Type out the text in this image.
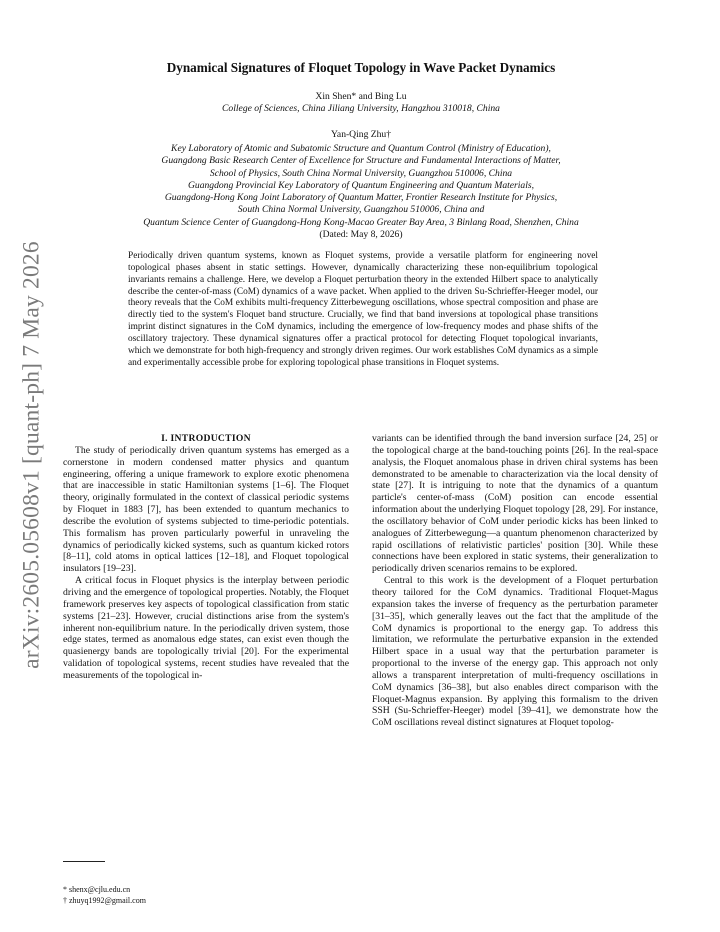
arXiv:2605.05608v1 [quant-ph] 7 May 2026
Dynamical Signatures of Floquet Topology in Wave Packet Dynamics
Xin Shen* and Bing Lu
College of Sciences, China Jiliang University, Hangzhou 310018, China
Yan-Qing Zhu†
Key Laboratory of Atomic and Subatomic Structure and Quantum Control (Ministry of Education),
Guangdong Basic Research Center of Excellence for Structure and Fundamental Interactions of Matter,
School of Physics, South China Normal University, Guangzhou 510006, China
Guangdong Provincial Key Laboratory of Quantum Engineering and Quantum Materials,
Guangdong-Hong Kong Joint Laboratory of Quantum Matter, Frontier Research Institute for Physics,
South China Normal University, Guangzhou 510006, China and
Quantum Science Center of Guangdong-Hong Kong-Macao Greater Bay Area, 3 Binlang Road, Shenzhen, China
(Dated: May 8, 2026)
Periodically driven quantum systems, known as Floquet systems, provide a versatile platform for engineering novel topological phases absent in static settings. However, dynamically characterizing these non-equilibrium topological invariants remains a challenge. Here, we develop a Floquet perturbation theory in the extended Hilbert space to analytically describe the center-of-mass (CoM) dynamics of a wave packet. When applied to the driven Su-Schrieffer-Heeger model, our theory reveals that the CoM exhibits multi-frequency Zitterbewegung oscillations, whose spectral composition and phase are directly tied to the system's Floquet band structure. Crucially, we find that band inversions at topological phase transitions imprint distinct signatures in the CoM dynamics, including the emergence of low-frequency modes and phase shifts of the oscillatory trajectory. These dynamical signatures offer a practical protocol for detecting Floquet topological invariants, which we demonstrate for both high-frequency and strongly driven regimes. Our work establishes CoM dynamics as a simple and experimentally accessible probe for exploring topological phase transitions in Floquet systems.

I. INTRODUCTION

The study of periodically driven quantum systems has emerged as a cornerstone in modern condensed matter physics and quantum engineering, offering a unique framework to explore exotic phenomena that are inaccessible in static Hamiltonian systems [1–6]. The Floquet theory, originally formulated in the context of classical periodic systems by Floquet in 1883 [7], has been extended to quantum mechanics to describe the evolution of systems subjected to time-periodic potentials. This formalism has proven particularly powerful in unraveling the dynamics of periodically kicked systems, such as quantum kicked rotors [8–11], cold atoms in optical lattices [12–18], and Floquet topological insulators [19–23].

A critical focus in Floquet physics is the interplay between periodic driving and the emergence of topological properties. Notably, the Floquet framework preserves key aspects of topological classification from static systems [21–23]. However, crucial distinctions arise from the system's inherent non-equilibrium nature. In the periodically driven system, those edge states, termed as anomalous edge states, can exist even though the quasienergy bands are topologically trivial [20]. For the experimental validation of topological systems, recent studies have revealed that the measurements of the topological in-

variants can be identified through the band inversion surface [24, 25] or the topological charge at the band-touching points [26]. In the real-space analysis, the Floquet anomalous phase in driven chiral systems has been demonstrated to be amenable to characterization via the local density of state [27]. It is intriguing to note that the dynamics of a quantum particle's center-of-mass (CoM) position can encode essential information about the underlying Floquet topology [28, 29]. For instance, the oscillatory behavior of CoM under periodic kicks has been linked to analogues of Zitterbewegung—a quantum phenomenon characterized by rapid oscillations of relativistic particles' position [30]. While these connections have been explored in static systems, their generalization to periodically driven scenarios remains to be explored.

Central to this work is the development of a Floquet perturbation theory tailored for the CoM dynamics. Traditional Floquet-Magus expansion takes the inverse of frequency as the perturbation parameter [31–35], which generally leaves out the fact that the amplitude of the CoM dynamics is proportional to the energy gap. To address this limitation, we reformulate the perturbative expansion in the extended Hilbert space in a usual way that the perturbation parameter is proportional to the inverse of the energy gap. This approach not only allows a transparent interpretation of multi-frequency oscillations in CoM dynamics [36–38], but also enables direct comparison with the Floquet-Magnus expansion. By applying this formalism to the driven SSH (Su-Schrieffer-Heeger) model [39–41], we demonstrate how the CoM oscillations reveal distinct signatures at Floquet topolog-

* shenx@cjlu.edu.cn
† zhuyq1992@gmail.com
